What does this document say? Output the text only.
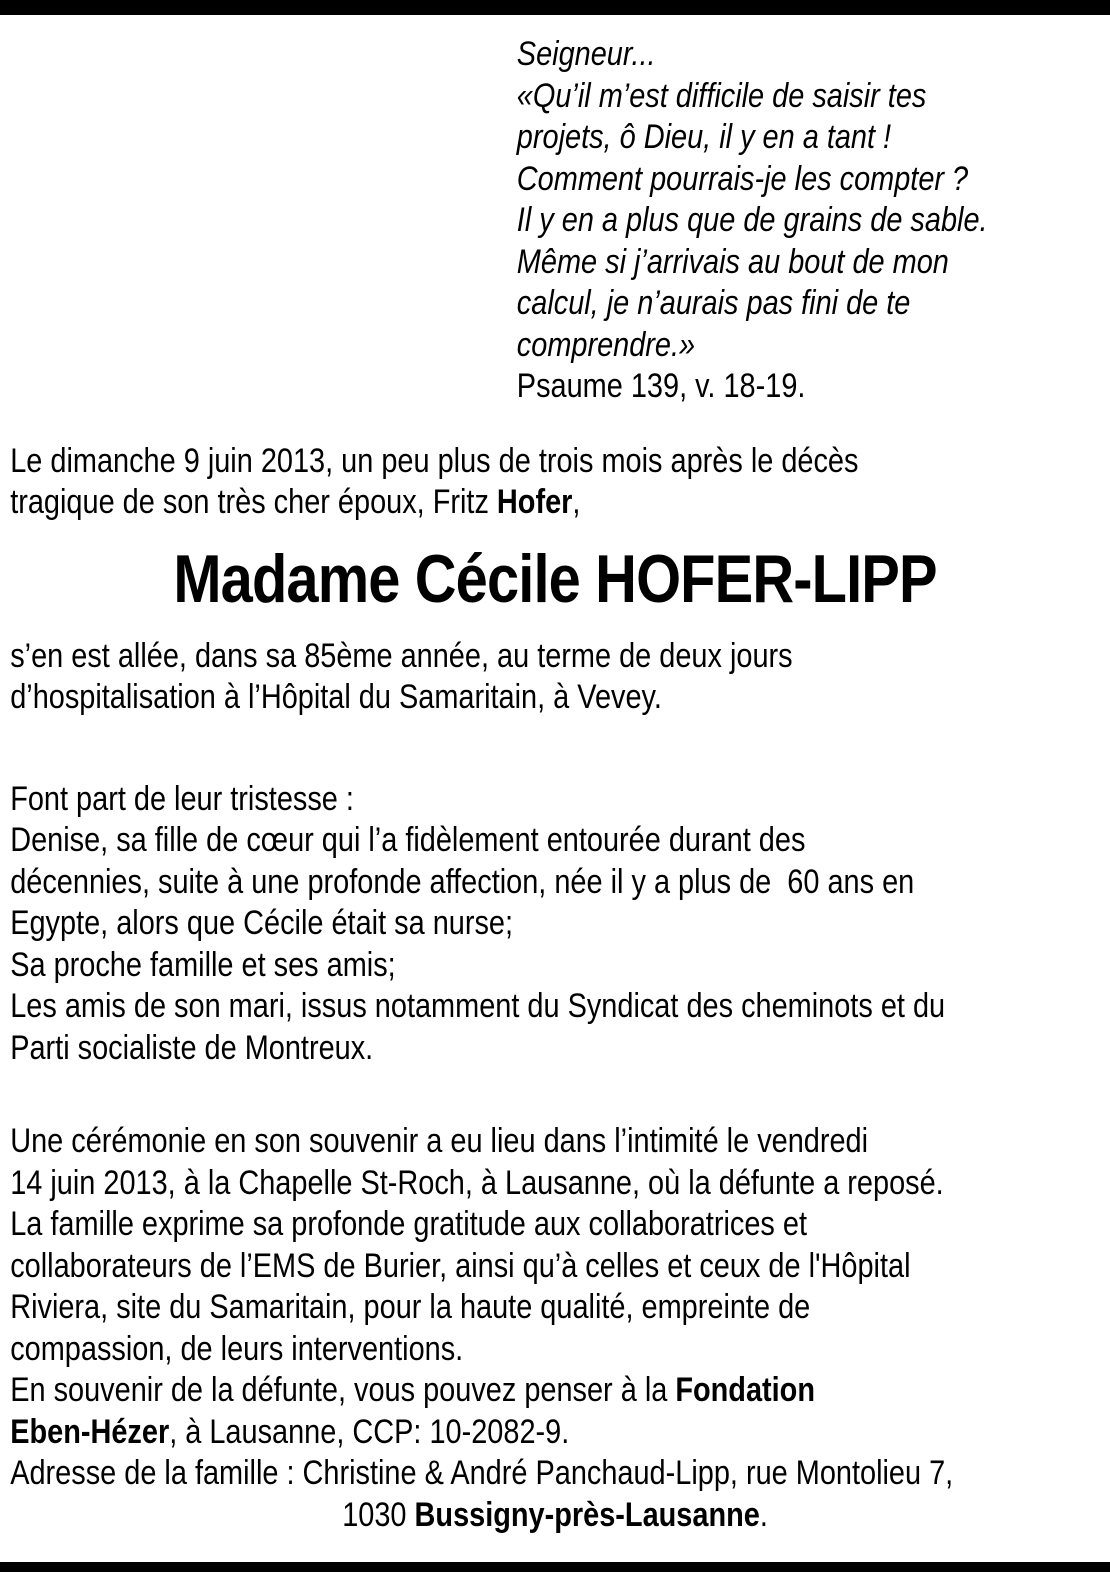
Seigneur...
«Qu’il m’est difficile de saisir tes
projets, ô Dieu, il y en a tant !
Comment pourrais-je les compter ?
Il y en a plus que de grains de sable.
Même si j’arrivais au bout de mon
calcul, je n’aurais pas fini de te
comprendre.»
Psaume 139, v. 18-19.
Le dimanche 9 juin 2013, un peu plus de trois mois après le décès
tragique de son très cher époux, Fritz Hofer,
Madame Cécile HOFER-LIPP
s’en est allée, dans sa 85ème année, au terme de deux jours
d’hospitalisation à l’Hôpital du Samaritain, à Vevey.
Font part de leur tristesse :
Denise, sa fille de cœur qui l’a fidèlement entourée durant des
décennies, suite à une profonde affection, née il y a plus de  60 ans en
Egypte, alors que Cécile était sa nurse;
Sa proche famille et ses amis;
Les amis de son mari, issus notamment du Syndicat des cheminots et du
Parti socialiste de Montreux.
Une cérémonie en son souvenir a eu lieu dans l’intimité le vendredi
14 juin 2013, à la Chapelle St-Roch, à Lausanne, où la défunte a reposé.
La famille exprime sa profonde gratitude aux collaboratrices et
collaborateurs de l’EMS de Burier, ainsi qu’à celles et ceux de l'Hôpital
Riviera, site du Samaritain, pour la haute qualité, empreinte de
compassion, de leurs interventions.
En souvenir de la défunte, vous pouvez penser à la Fondation
Eben-Hézer, à Lausanne, CCP: 10-2082-9.
Adresse de la famille : Christine & André Panchaud-Lipp, rue Montolieu 7,
1030 Bussigny-près-Lausanne.
